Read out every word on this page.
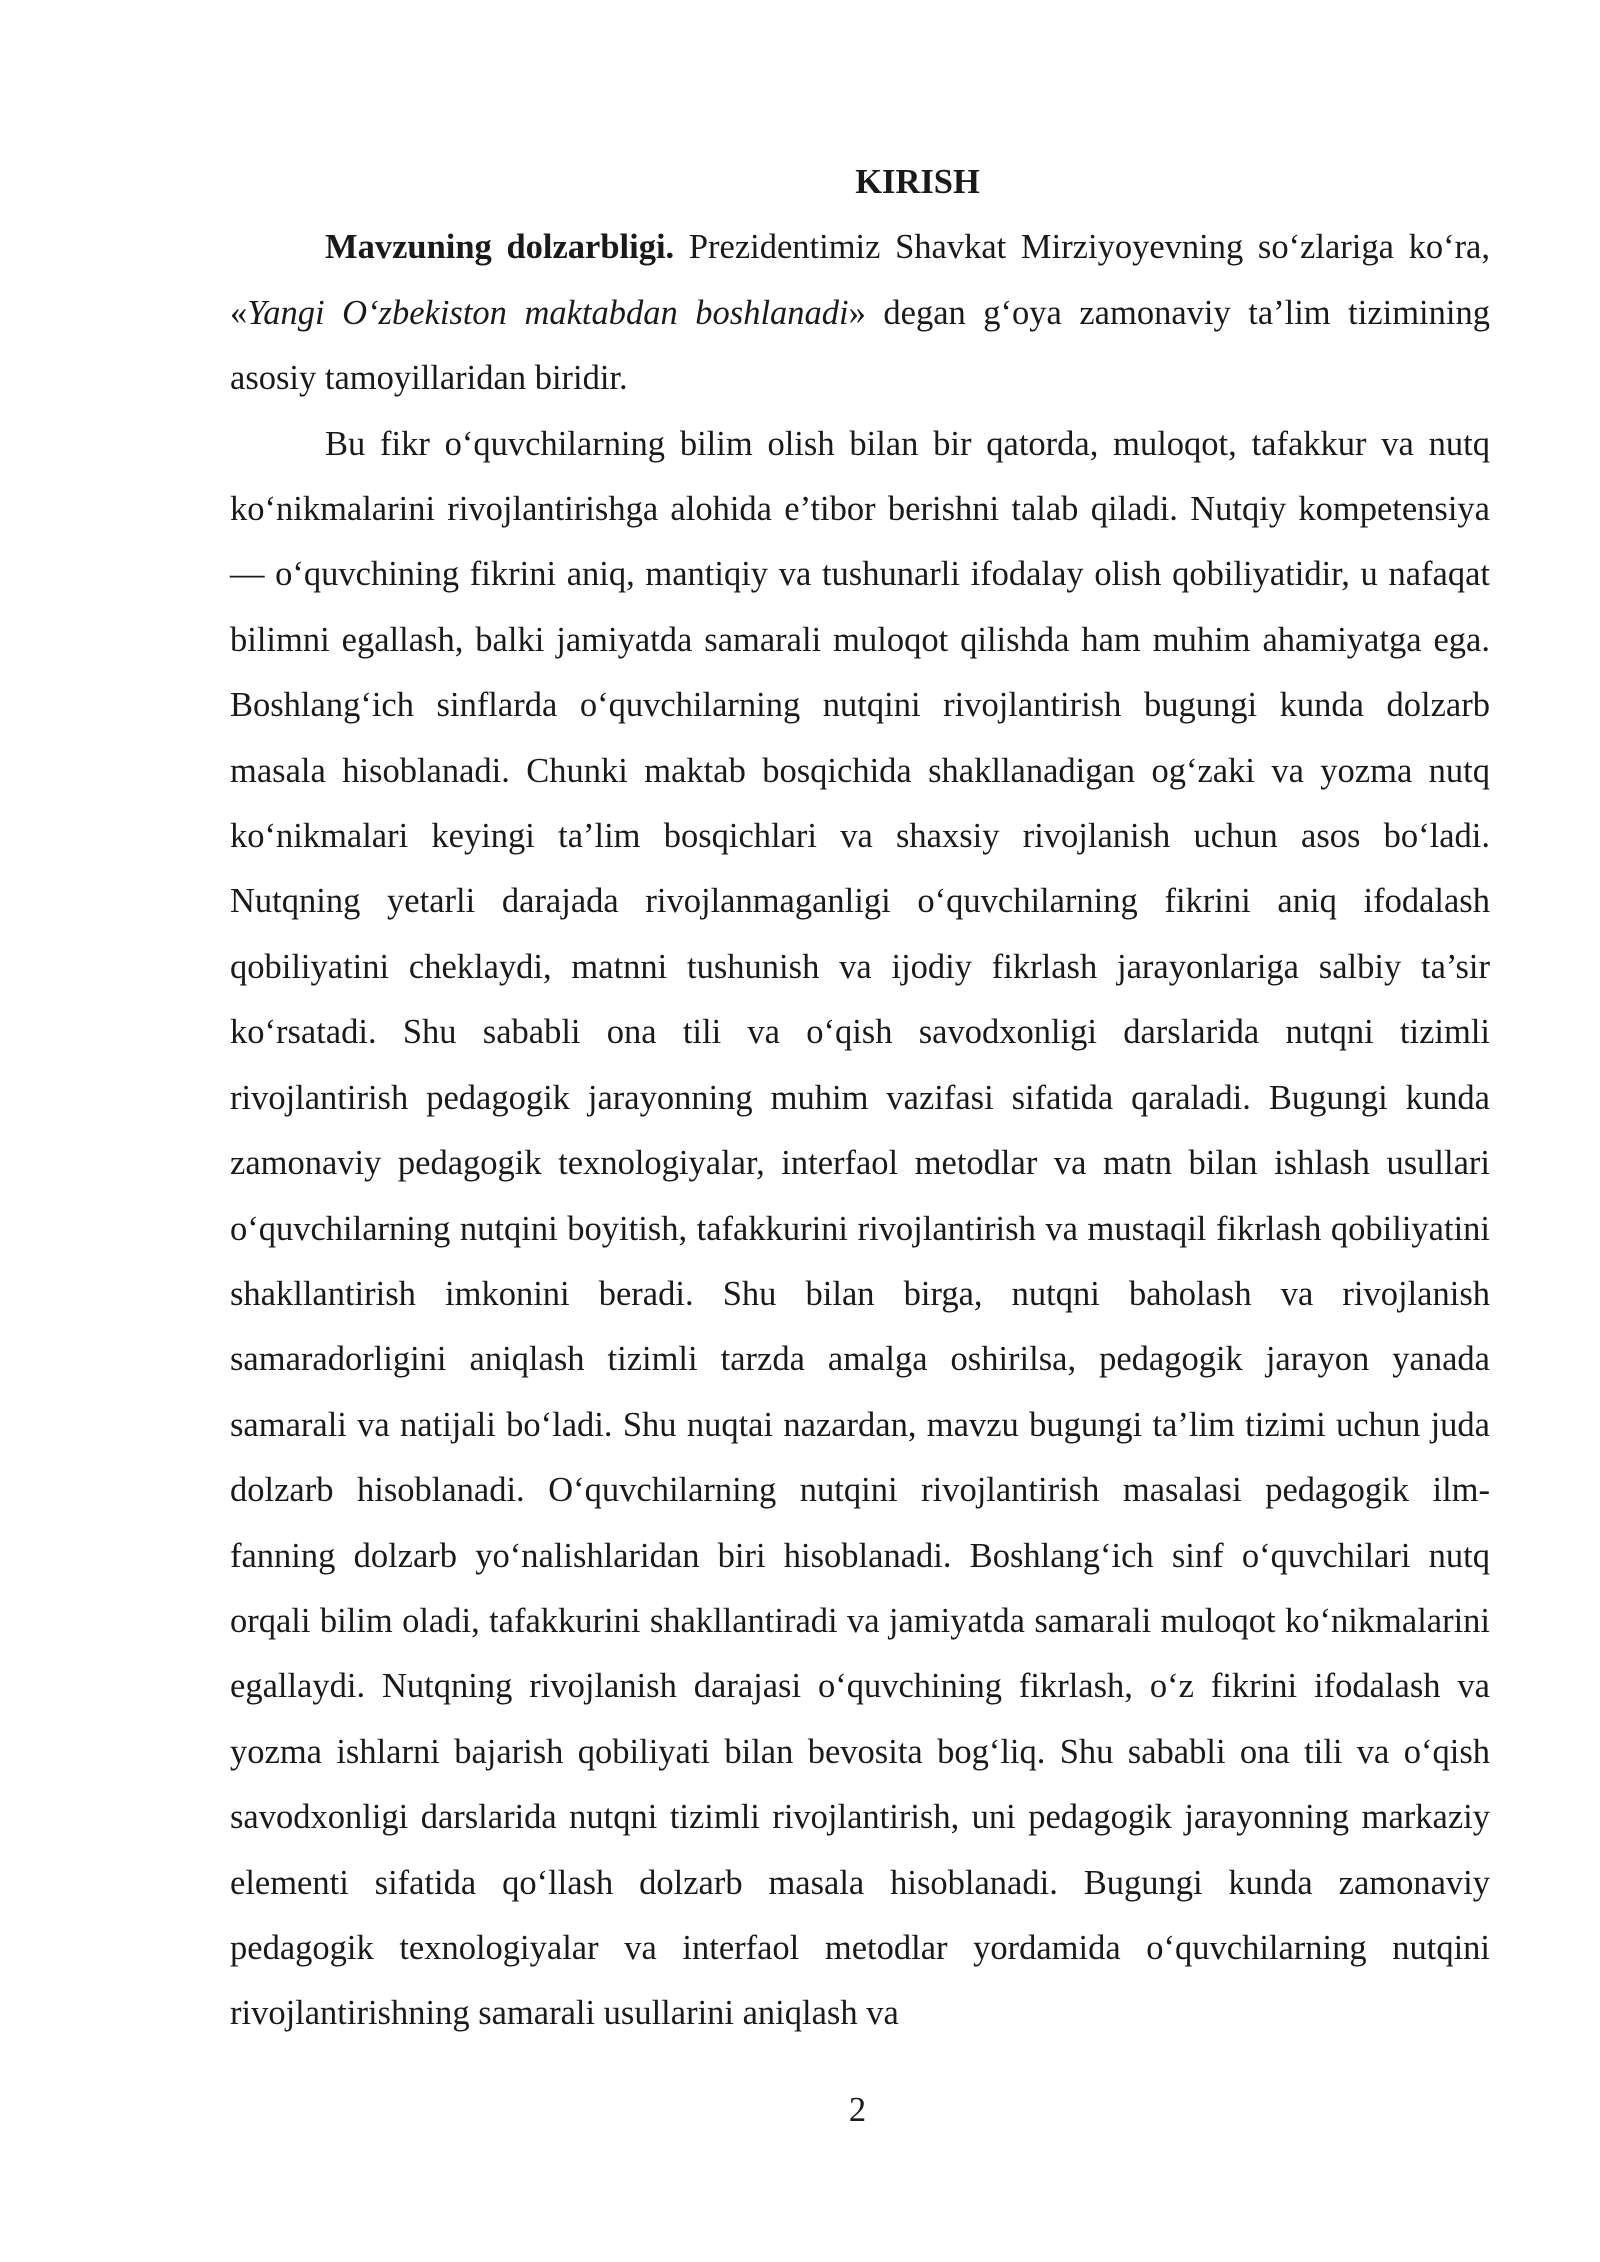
KIRISH

Mavzuning dolzarbligi. Prezidentimiz Shavkat Mirziyoyevning so‘zlariga ko‘ra, «Yangi O‘zbekiston maktabdan boshlanadi» degan g‘oya zamonaviy ta’lim tizimining asosiy tamoyillaridan biridir.

Bu fikr o‘quvchilarning bilim olish bilan bir qatorda, muloqot, tafakkur va nutq ko‘nikmalarini rivojlantirishga alohida e’tibor berishni talab qiladi. Nutqiy kompetensiya — o‘quvchining fikrini aniq, mantiqiy va tushunarli ifodalay olish qobiliyatidir, u nafaqat bilimni egallash, balki jamiyatda samarali muloqot qilishda ham muhim ahamiyatga ega. Boshlang‘ich sinflarda o‘quvchilarning nutqini rivojlantirish bugungi kunda dolzarb masala hisoblanadi. Chunki maktab bosqichida shakllanadigan og‘zaki va yozma nutq ko‘nikmalari keyingi ta’lim bosqichlari va shaxsiy rivojlanish uchun asos bo‘ladi. Nutqning yetarli darajada rivojlanmaganligi o‘quvchilarning fikrini aniq ifodalash qobiliyatini cheklaydi, matnni tushunish va ijodiy fikrlash jarayonlariga salbiy ta’sir ko‘rsatadi. Shu sababli ona tili va o‘qish savodxonligi darslarida nutqni tizimli rivojlantirish pedagogik jarayonning muhim vazifasi sifatida qaraladi. Bugungi kunda zamonaviy pedagogik texnologiyalar, interfaol metodlar va matn bilan ishlash usullari o‘quvchilarning nutqini boyitish, tafakkurini rivojlantirish va mustaqil fikrlash qobiliyatini shakllantirish imkonini beradi. Shu bilan birga, nutqni baholash va rivojlanish samaradorligini aniqlash tizimli tarzda amalga oshirilsa, pedagogik jarayon yanada samarali va natijali bo‘ladi. Shu nuqtai nazardan, mavzu bugungi ta’lim tizimi uchun juda dolzarb hisoblanadi. O‘quvchilarning nutqini rivojlantirish masalasi pedagogik ilm-fanning dolzarb yo‘nalishlaridan biri hisoblanadi. Boshlang‘ich sinf o‘quvchilari nutq orqali bilim oladi, tafakkurini shakllantiradi va jamiyatda samarali muloqot ko‘nikmalarini egallaydi. Nutqning rivojlanish darajasi o‘quvchining fikrlash, o‘z fikrini ifodalash va yozma ishlarni bajarish qobiliyati bilan bevosita bog‘liq. Shu sababli ona tili va o‘qish savodxonligi darslarida nutqni tizimli rivojlantirish, uni pedagogik jarayonning markaziy elementi sifatida qo‘llash dolzarb masala hisoblanadi. Bugungi kunda zamonaviy pedagogik texnologiyalar va interfaol metodlar yordamida o‘quvchilarning nutqini rivojlantirishning samarali usullarini aniqlash va

2
